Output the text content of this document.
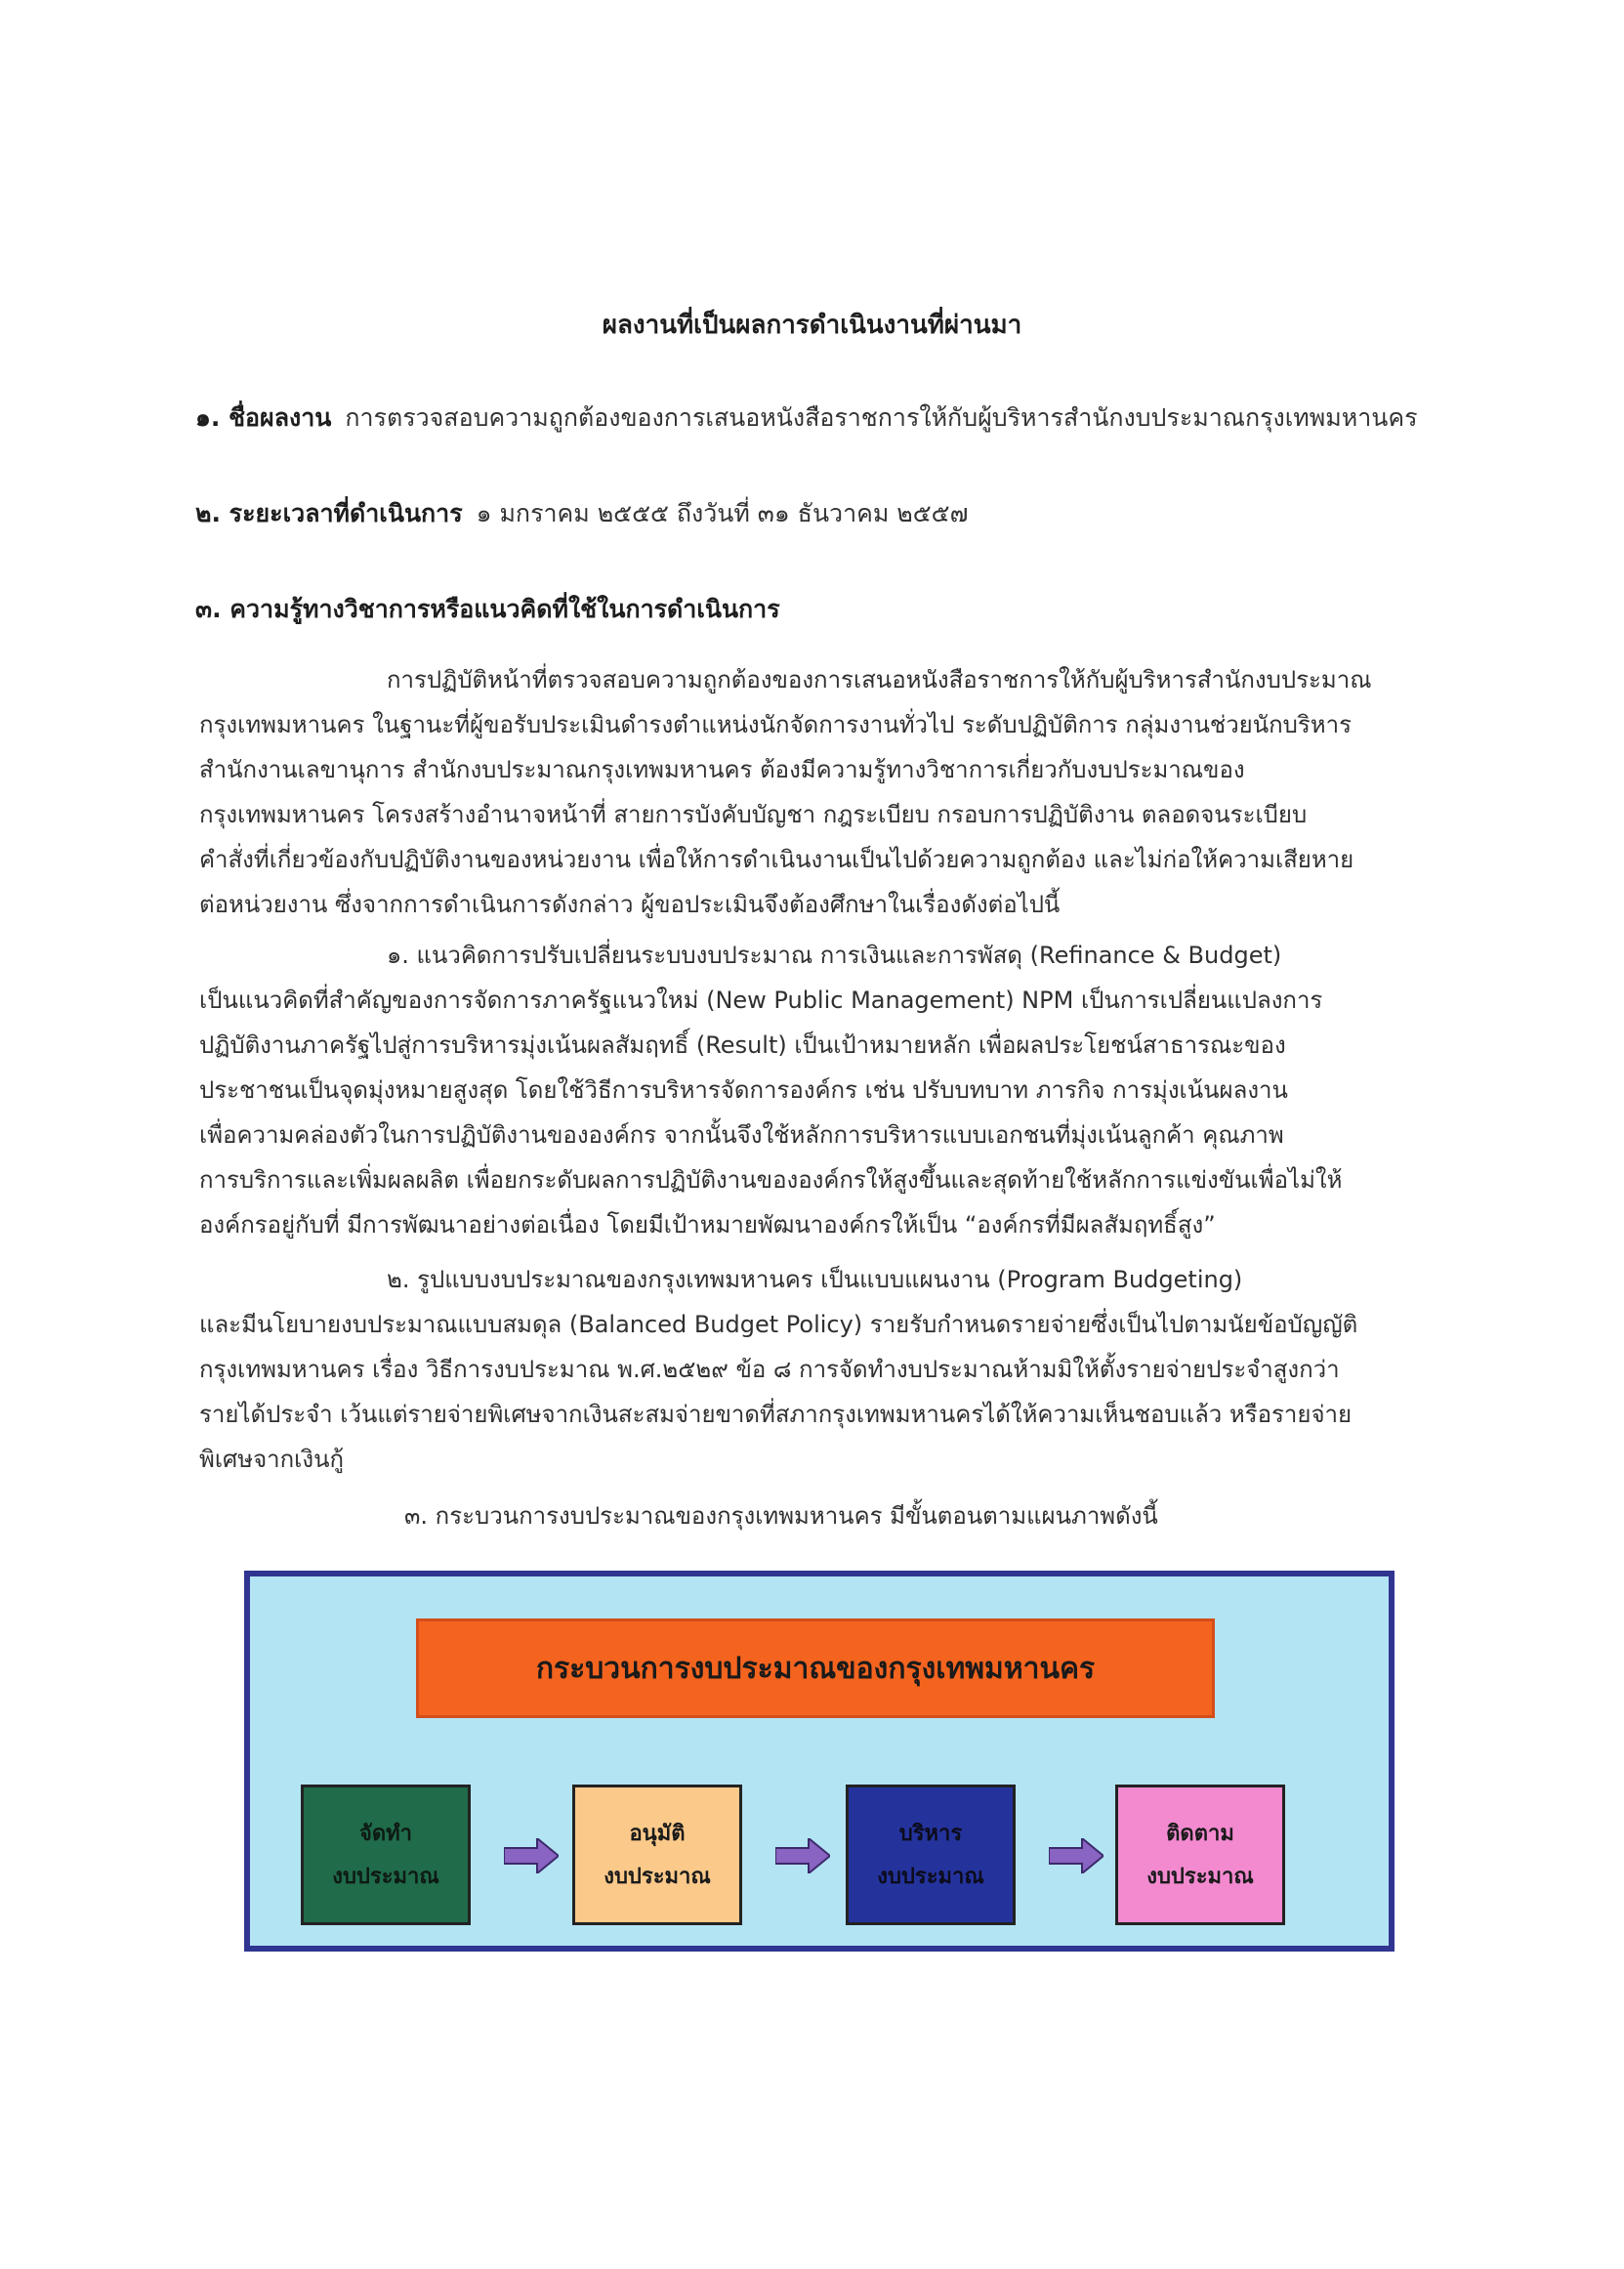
ผลงานที่เป็นผลการดำเนินงานที่ผ่านมา
๑. ชื่อผลงาน การตรวจสอบความถูกต้องของการเสนอหนังสือราชการให้กับผู้บริหารสำนักงบประมาณกรุงเทพมหานคร
๒. ระยะเวลาที่ดำเนินการ ๑ มกราคม ๒๕๕๕ ถึงวันที่ ๓๑ ธันวาคม ๒๕๕๗
๓. ความรู้ทางวิชาการหรือแนวคิดที่ใช้ในการดำเนินการ
การปฏิบัติหน้าที่ตรวจสอบความถูกต้องของการเสนอหนังสือราชการให้กับผู้บริหารสำนักงบประมาณ
กรุงเทพมหานคร ในฐานะที่ผู้ขอรับประเมินดำรงตำแหน่งนักจัดการงานทั่วไป ระดับปฏิบัติการ กลุ่มงานช่วยนักบริหาร
สำนักงานเลขานุการ สำนักงบประมาณกรุงเทพมหานคร ต้องมีความรู้ทางวิชาการเกี่ยวกับงบประมาณของ
กรุงเทพมหานคร โครงสร้างอำนาจหน้าที่ สายการบังคับบัญชา กฎระเบียบ กรอบการปฏิบัติงาน ตลอดจนระเบียบ
คำสั่งที่เกี่ยวข้องกับปฏิบัติงานของหน่วยงาน เพื่อให้การดำเนินงานเป็นไปด้วยความถูกต้อง และไม่ก่อให้ความเสียหาย
ต่อหน่วยงาน ซึ่งจากการดำเนินการดังกล่าว ผู้ขอประเมินจึงต้องศึกษาในเรื่องดังต่อไปนี้
๑. แนวคิดการปรับเปลี่ยนระบบงบประมาณ การเงินและการพัสดุ (Refinance & Budget)
เป็นแนวคิดที่สำคัญของการจัดการภาครัฐแนวใหม่ (New Public Management) NPM เป็นการเปลี่ยนแปลงการ
ปฏิบัติงานภาครัฐไปสู่การบริหารมุ่งเน้นผลสัมฤทธิ์ (Result) เป็นเป้าหมายหลัก เพื่อผลประโยชน์สาธารณะของ
ประชาชนเป็นจุดมุ่งหมายสูงสุด โดยใช้วิธีการบริหารจัดการองค์กร เช่น ปรับบทบาท ภารกิจ การมุ่งเน้นผลงาน
เพื่อความคล่องตัวในการปฏิบัติงานขององค์กร จากนั้นจึงใช้หลักการบริหารแบบเอกชนที่มุ่งเน้นลูกค้า คุณภาพ
การบริการและเพิ่มผลผลิต เพื่อยกระดับผลการปฏิบัติงานขององค์กรให้สูงขึ้นและสุดท้ายใช้หลักการแข่งขันเพื่อไม่ให้
องค์กรอยู่กับที่ มีการพัฒนาอย่างต่อเนื่อง โดยมีเป้าหมายพัฒนาองค์กรให้เป็น “องค์กรที่มีผลสัมฤทธิ์สูง”
๒. รูปแบบงบประมาณของกรุงเทพมหานคร เป็นแบบแผนงาน (Program Budgeting)
และมีนโยบายงบประมาณแบบสมดุล (Balanced Budget Policy) รายรับกำหนดรายจ่ายซึ่งเป็นไปตามนัยข้อบัญญัติ
กรุงเทพมหานคร เรื่อง วิธีการงบประมาณ พ.ศ.๒๕๒๙ ข้อ ๘ การจัดทำงบประมาณห้ามมิให้ตั้งรายจ่ายประจำสูงกว่า
รายได้ประจำ เว้นแต่รายจ่ายพิเศษจากเงินสะสมจ่ายขาดที่สภากรุงเทพมหานครได้ให้ความเห็นชอบแล้ว หรือรายจ่าย
พิเศษจากเงินกู้
๓. กระบวนการงบประมาณของกรุงเทพมหานคร มีขั้นตอนตามแผนภาพดังนี้
กระบวนการงบประมาณของกรุงเทพมหานคร
จัดทำ
งบประมาณ
อนุมัติ
งบประมาณ
บริหาร
งบประมาณ
ติดตาม
งบประมาณ
